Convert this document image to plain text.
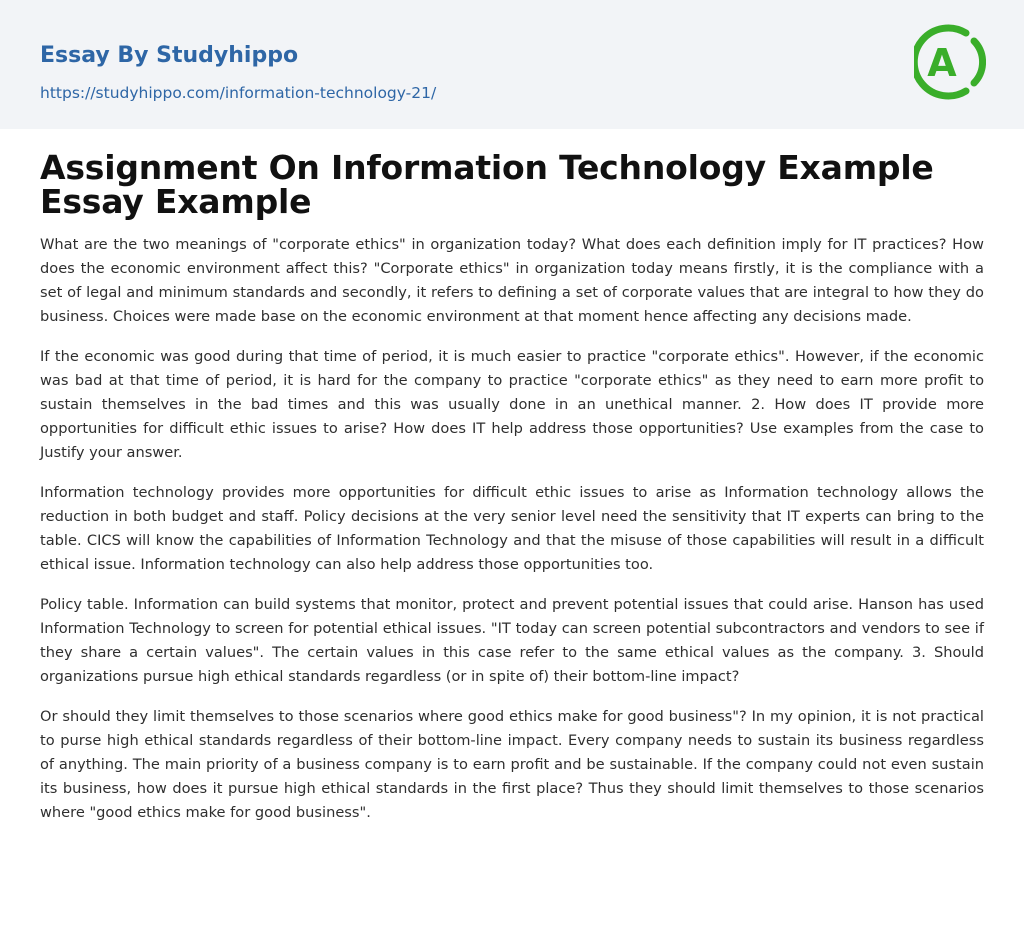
Essay By Studyhippo
https://studyhippo.com/information-technology-21/
A
Assignment On Information Technology Example Essay Example

What are the two meanings of "corporate ethics" in organization today? What does each definition imply for IT practices? How does the economic environment affect this? "Corporate ethics" in organization today means firstly, it is the compliance with a set of legal and minimum standards and secondly, it refers to defining a set of corporate values that are integral to how they do business. Choices were made base on the economic environment at that moment hence affecting any decisions made.

If the economic was good during that time of period, it is much easier to practice "corporate ethics". However, if the economic was bad at that time of period, it is hard for the company to practice "corporate ethics" as they need to earn more profit to sustain themselves in the bad times and this was usually done in an unethical manner. 2. How does IT provide more opportunities for difficult ethic issues to arise? How does IT help address those opportunities? Use examples from the case to Justify your answer.

Information technology provides more opportunities for difficult ethic issues to arise as Information technology allows the reduction in both budget and staff. Policy decisions at the very senior level need the sensitivity that IT experts can bring to the table. CICS will know the capabilities of Information Technology and that the misuse of those capabilities will result in a difficult ethical issue. Information technology can also help address those opportunities too.

Policy table. Information can build systems that monitor, protect and prevent potential issues that could arise. Hanson has used Information Technology to screen for potential ethical issues. "IT today can screen potential subcontractors and vendors to see if they share a certain values". The certain values in this case refer to the same ethical values as the company. 3. Should organizations pursue high ethical standards regardless (or in spite of) their bottom-line impact?

Or should they limit themselves to those scenarios where good ethics make for good business"? In my opinion, it is not practical to purse high ethical standards regardless of their bottom-line impact. Every company needs to sustain its business regardless of anything. The main priority of a business company is to earn profit and be sustainable. If the company could not even sustain its business, how does it pursue high ethical standards in the first place? Thus they should limit themselves to those scenarios where "good ethics make for good business".
